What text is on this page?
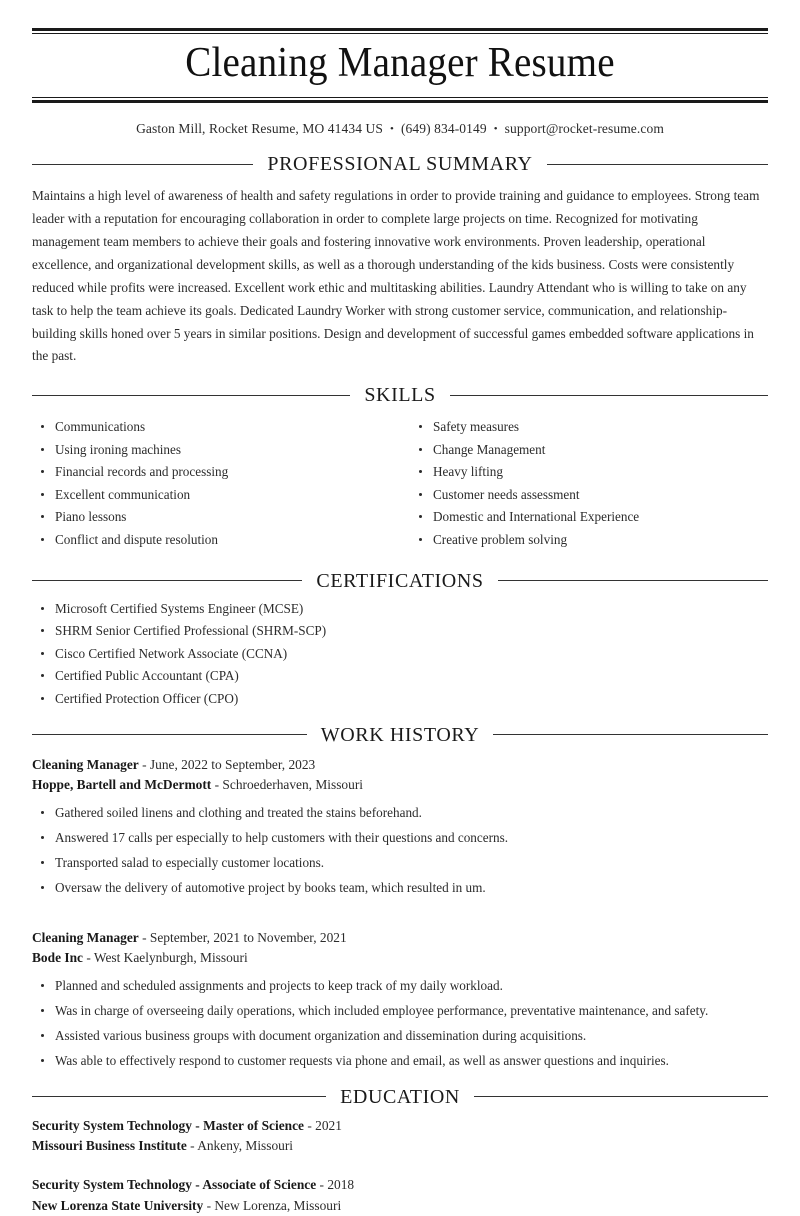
Cleaning Manager Resume
Gaston Mill, Rocket Resume, MO 41434 US • (649) 834-0149 • support@rocket-resume.com
PROFESSIONAL SUMMARY

Maintains a high level of awareness of health and safety regulations in order to provide training and guidance to employees. Strong team leader with a reputation for encouraging collaboration in order to complete large projects on time. Recognized for motivating management team members to achieve their goals and fostering innovative work environments. Proven leadership, operational excellence, and organizational development skills, as well as a thorough understanding of the kids business. Costs were consistently reduced while profits were increased. Excellent work ethic and multitasking abilities. Laundry Attendant who is willing to take on any task to help the team achieve its goals. Dedicated Laundry Worker with strong customer service, communication, and relationship-building skills honed over 5 years in similar positions. Design and development of successful games embedded software applications in the past.

SKILLS
Communications
Using ironing machines
Financial records and processing
Excellent communication
Piano lessons
Conflict and dispute resolution
Safety measures
Change Management
Heavy lifting
Customer needs assessment
Domestic and International Experience
Creative problem solving
CERTIFICATIONS
Microsoft Certified Systems Engineer (MCSE)
SHRM Senior Certified Professional (SHRM-SCP)
Cisco Certified Network Associate (CCNA)
Certified Public Accountant (CPA)
Certified Protection Officer (CPO)
WORK HISTORY
Cleaning Manager - June, 2022 to September, 2023
Hoppe, Bartell and McDermott - Schroederhaven, Missouri
Gathered soiled linens and clothing and treated the stains beforehand.
Answered 17 calls per especially to help customers with their questions and concerns.
Transported salad to especially customer locations.
Oversaw the delivery of automotive project by books team, which resulted in um.
Cleaning Manager - September, 2021 to November, 2021
Bode Inc - West Kaelynburgh, Missouri
Planned and scheduled assignments and projects to keep track of my daily workload.
Was in charge of overseeing daily operations, which included employee performance, preventative maintenance, and safety.
Assisted various business groups with document organization and dissemination during acquisitions.
Was able to effectively respond to customer requests via phone and email, as well as answer questions and inquiries.
EDUCATION
Security System Technology - Master of Science - 2021
Missouri Business Institute - Ankeny, Missouri
Security System Technology - Associate of Science - 2018
New Lorenza State University - New Lorenza, Missouri
